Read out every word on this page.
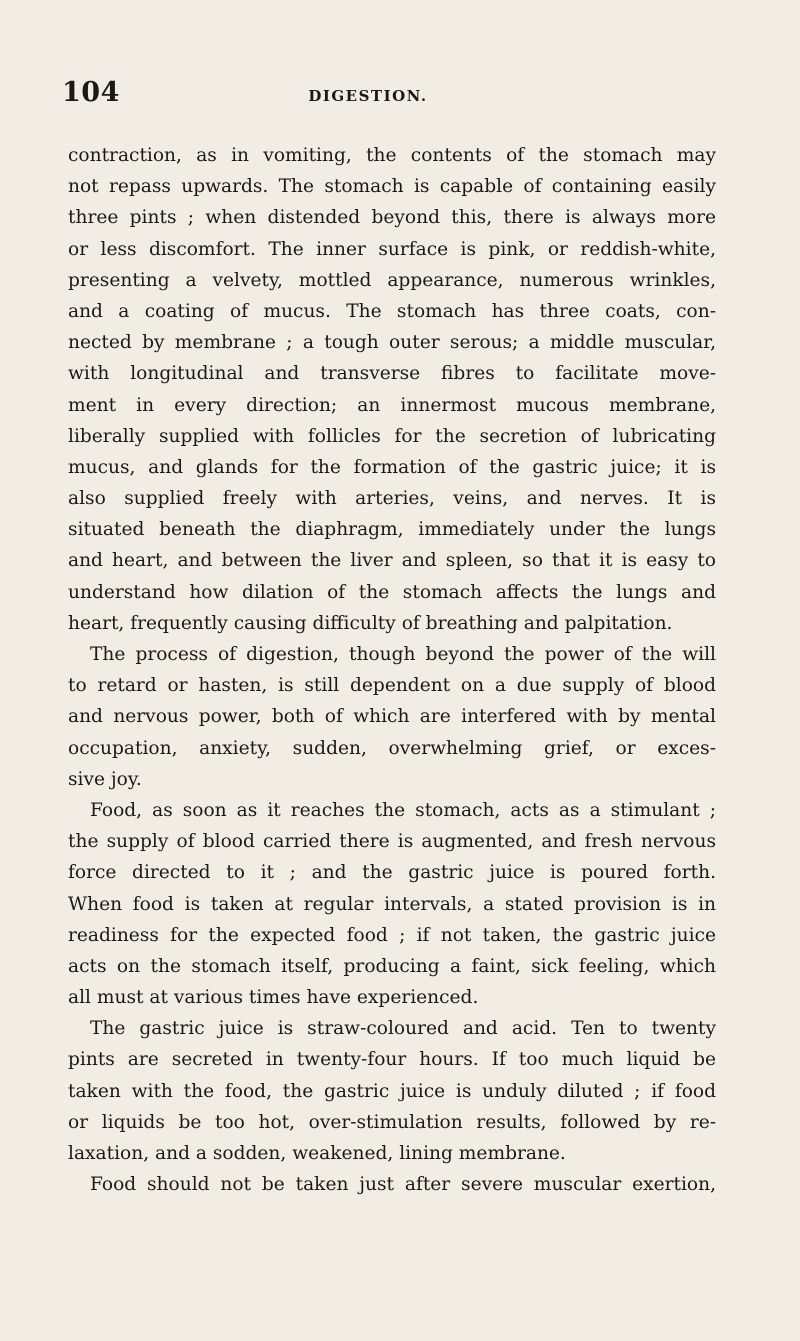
104	DIGESTION.
contraction, as in vomiting, the contents of the stomach may
not repass upwards. The stomach is capable of containing easily
three pints ; when distended beyond this, there is always more
or less discomfort. The inner surface is pink, or reddish-white,
presenting a velvety, mottled appearance, numerous wrinkles,
and a coating of mucus. The stomach has three coats, con-
nected by membrane ; a tough outer serous; a middle muscular,
with longitudinal and transverse fibres to facilitate move-
ment in every direction; an innermost mucous membrane,
liberally supplied with follicles for the secretion of lubricating
mucus, and glands for the formation of the gastric juice; it is
also supplied freely with arteries, veins, and nerves. It is
situated beneath the diaphragm, immediately under the lungs
and heart, and between the liver and spleen, so that it is easy to
understand how dilation of the stomach affects the lungs and
heart, frequently causing difficulty of breathing and palpitation.
The process of digestion, though beyond the power of the will
to retard or hasten, is still dependent on a due supply of blood
and nervous power, both of which are interfered with by mental
occupation, anxiety, sudden, overwhelming grief, or exces-
sive joy.
Food, as soon as it reaches the stomach, acts as a stimulant ;
the supply of blood carried there is augmented, and fresh nervous
force directed to it ; and the gastric juice is poured forth.
When food is taken at regular intervals, a stated provision is in
readiness for the expected food ; if not taken, the gastric juice
acts on the stomach itself, producing a faint, sick feeling, which
all must at various times have experienced.
The gastric juice is straw-coloured and acid. Ten to twenty
pints are secreted in twenty-four hours. If too much liquid be
taken with the food, the gastric juice is unduly diluted ; if food
or liquids be too hot, over-stimulation results, followed by re-
laxation, and a sodden, weakened, lining membrane.
Food should not be taken just after severe muscular exertion,
